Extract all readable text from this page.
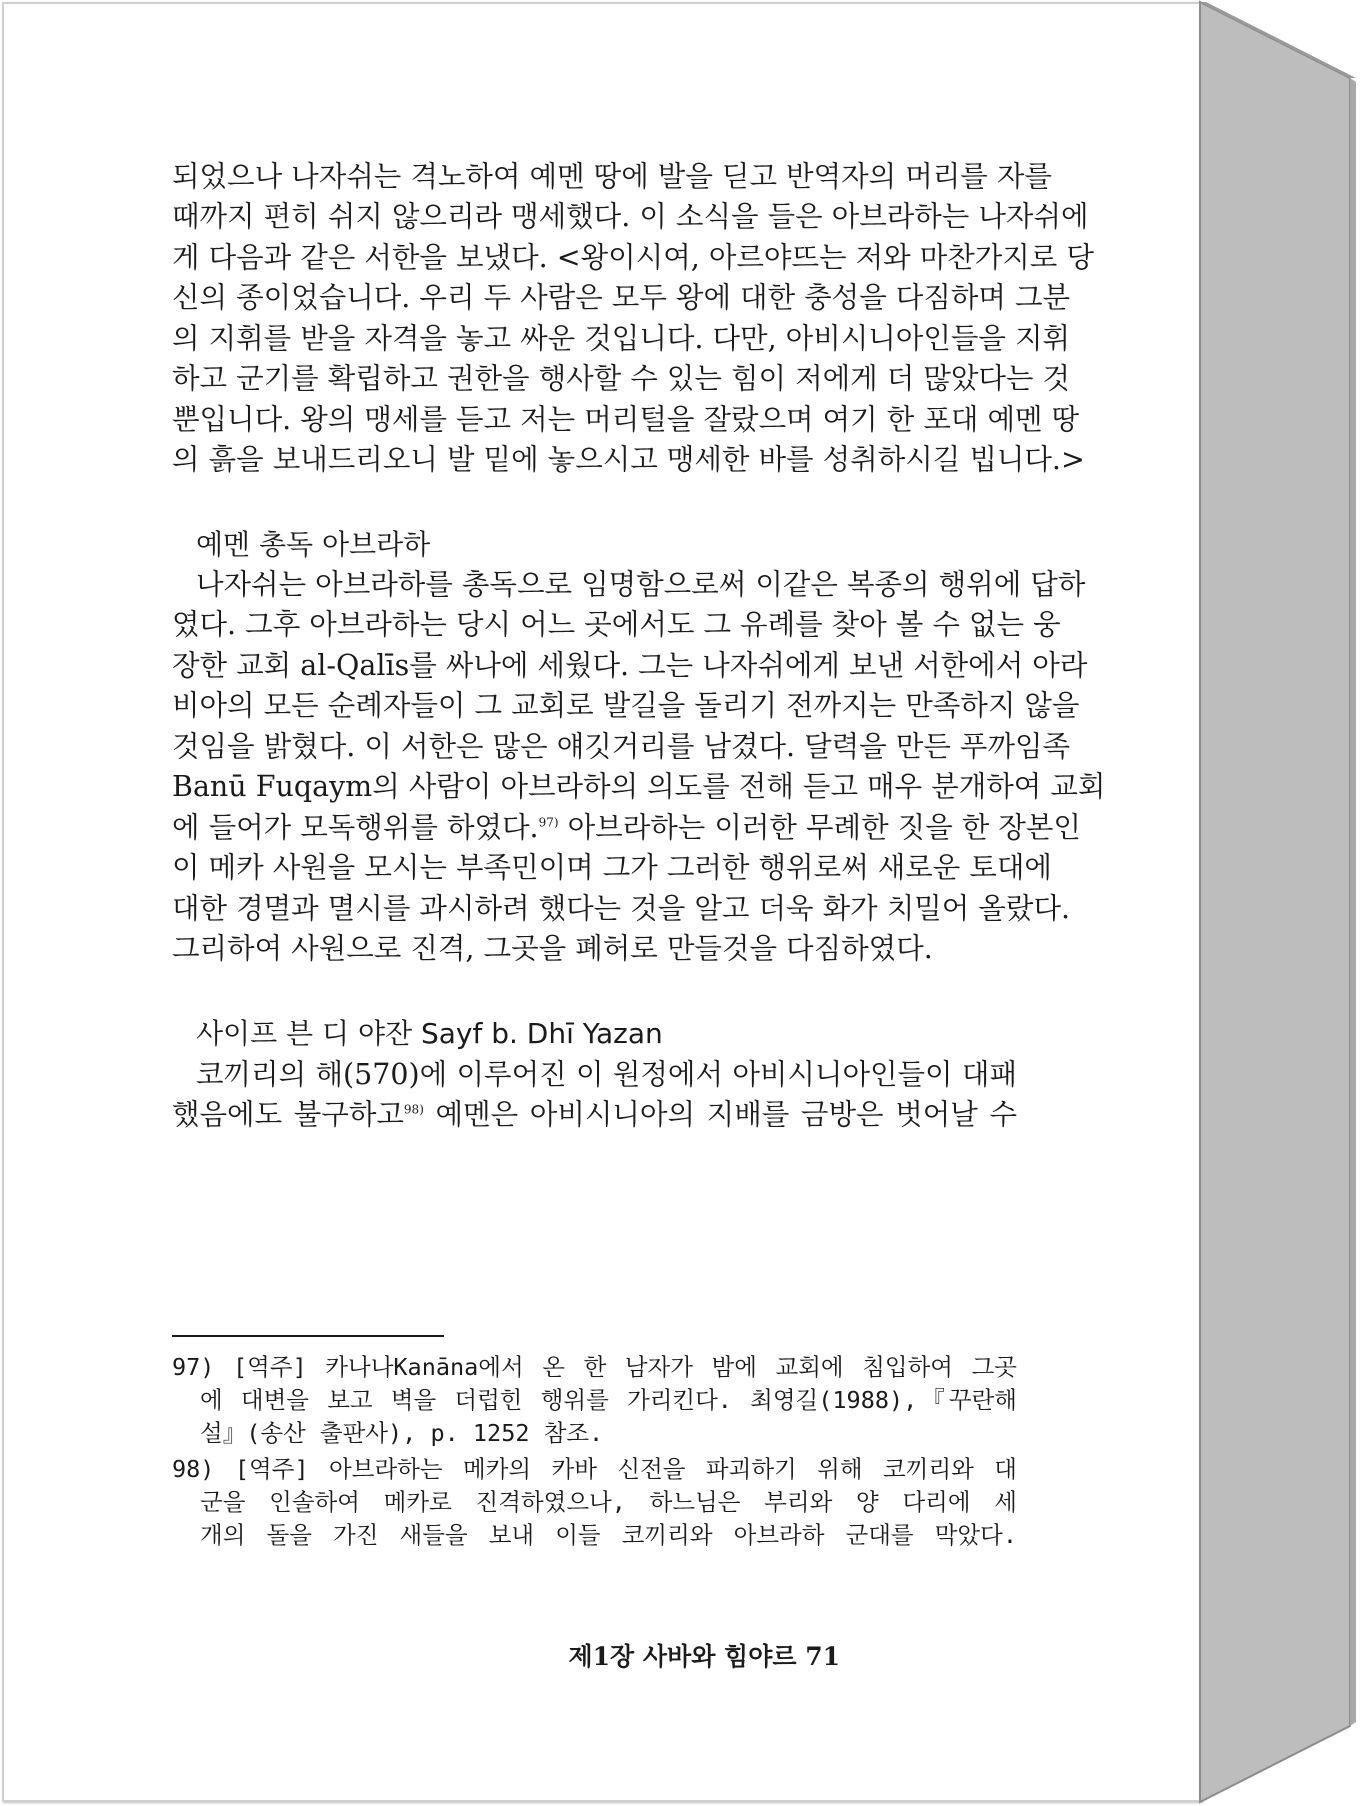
되었으나 나자쉬는 격노하여 예멘 땅에 발을 딛고 반역자의 머리를 자를
때까지 편히 쉬지 않으리라 맹세했다. 이 소식을 들은 아브라하는 나자쉬에
게 다음과 같은 서한을 보냈다. <왕이시여, 아르야뜨는 저와 마찬가지로 당
신의 종이었습니다. 우리 두 사람은 모두 왕에 대한 충성을 다짐하며 그분
의 지휘를 받을 자격을 놓고 싸운 것입니다. 다만, 아비시니아인들을 지휘
하고 군기를 확립하고 권한을 행사할 수 있는 힘이 저에게 더 많았다는 것
뿐입니다. 왕의 맹세를 듣고 저는 머리털을 잘랐으며 여기 한 포대 예멘 땅
의 흙을 보내드리오니 발 밑에 놓으시고 맹세한 바를 성취하시길 빕니다.>
예멘 총독 아브라하
나자쉬는 아브라하를 총독으로 임명함으로써 이같은 복종의 행위에 답하
였다. 그후 아브라하는 당시 어느 곳에서도 그 유례를 찾아 볼 수 없는 웅
장한 교회 al-Qalīs를 싸나에 세웠다. 그는 나자쉬에게 보낸 서한에서 아라
비아의 모든 순례자들이 그 교회로 발길을 돌리기 전까지는 만족하지 않을
것임을 밝혔다. 이 서한은 많은 얘깃거리를 남겼다. 달력을 만든 푸까임족
Banū Fuqaym의 사람이 아브라하의 의도를 전해 듣고 매우 분개하여 교회
에 들어가 모독행위를 하였다.$^{97)}$ 아브라하는 이러한 무례한 짓을 한 장본인
이 메카 사원을 모시는 부족민이며 그가 그러한 행위로써 새로운 토대에
대한 경멸과 멸시를 과시하려 했다는 것을 알고 더욱 화가 치밀어 올랐다.
그리하여 사원으로 진격, 그곳을 폐허로 만들것을 다짐하였다.
사이프 븐 디 야잔 Sayf b. Dhī Yazan
코끼리의 해(570)에 이루어진 이 원정에서 아비시니아인들이 대패
했음에도 불구하고$^{98)}$ 예멘은 아비시니아의 지배를 금방은 벗어날 수
97) [역주] 카나나Kanāna에서 온 한 남자가 밤에 교회에 침입하여 그곳
에 대변을 보고 벽을 더럽힌 행위를 가리킨다. 최영길(1988),『꾸란해
설』(송산 출판사), p. 1252 참조.
98) [역주] 아브라하는 메카의 카바 신전을 파괴하기 위해 코끼리와 대
군을 인솔하여 메카로 진격하였으나, 하느님은 부리와 양 다리에 세
개의 돌을 가진 새들을 보내 이들 코끼리와 아브라하 군대를 막았다.
제1장 사바와 힘야르 71
